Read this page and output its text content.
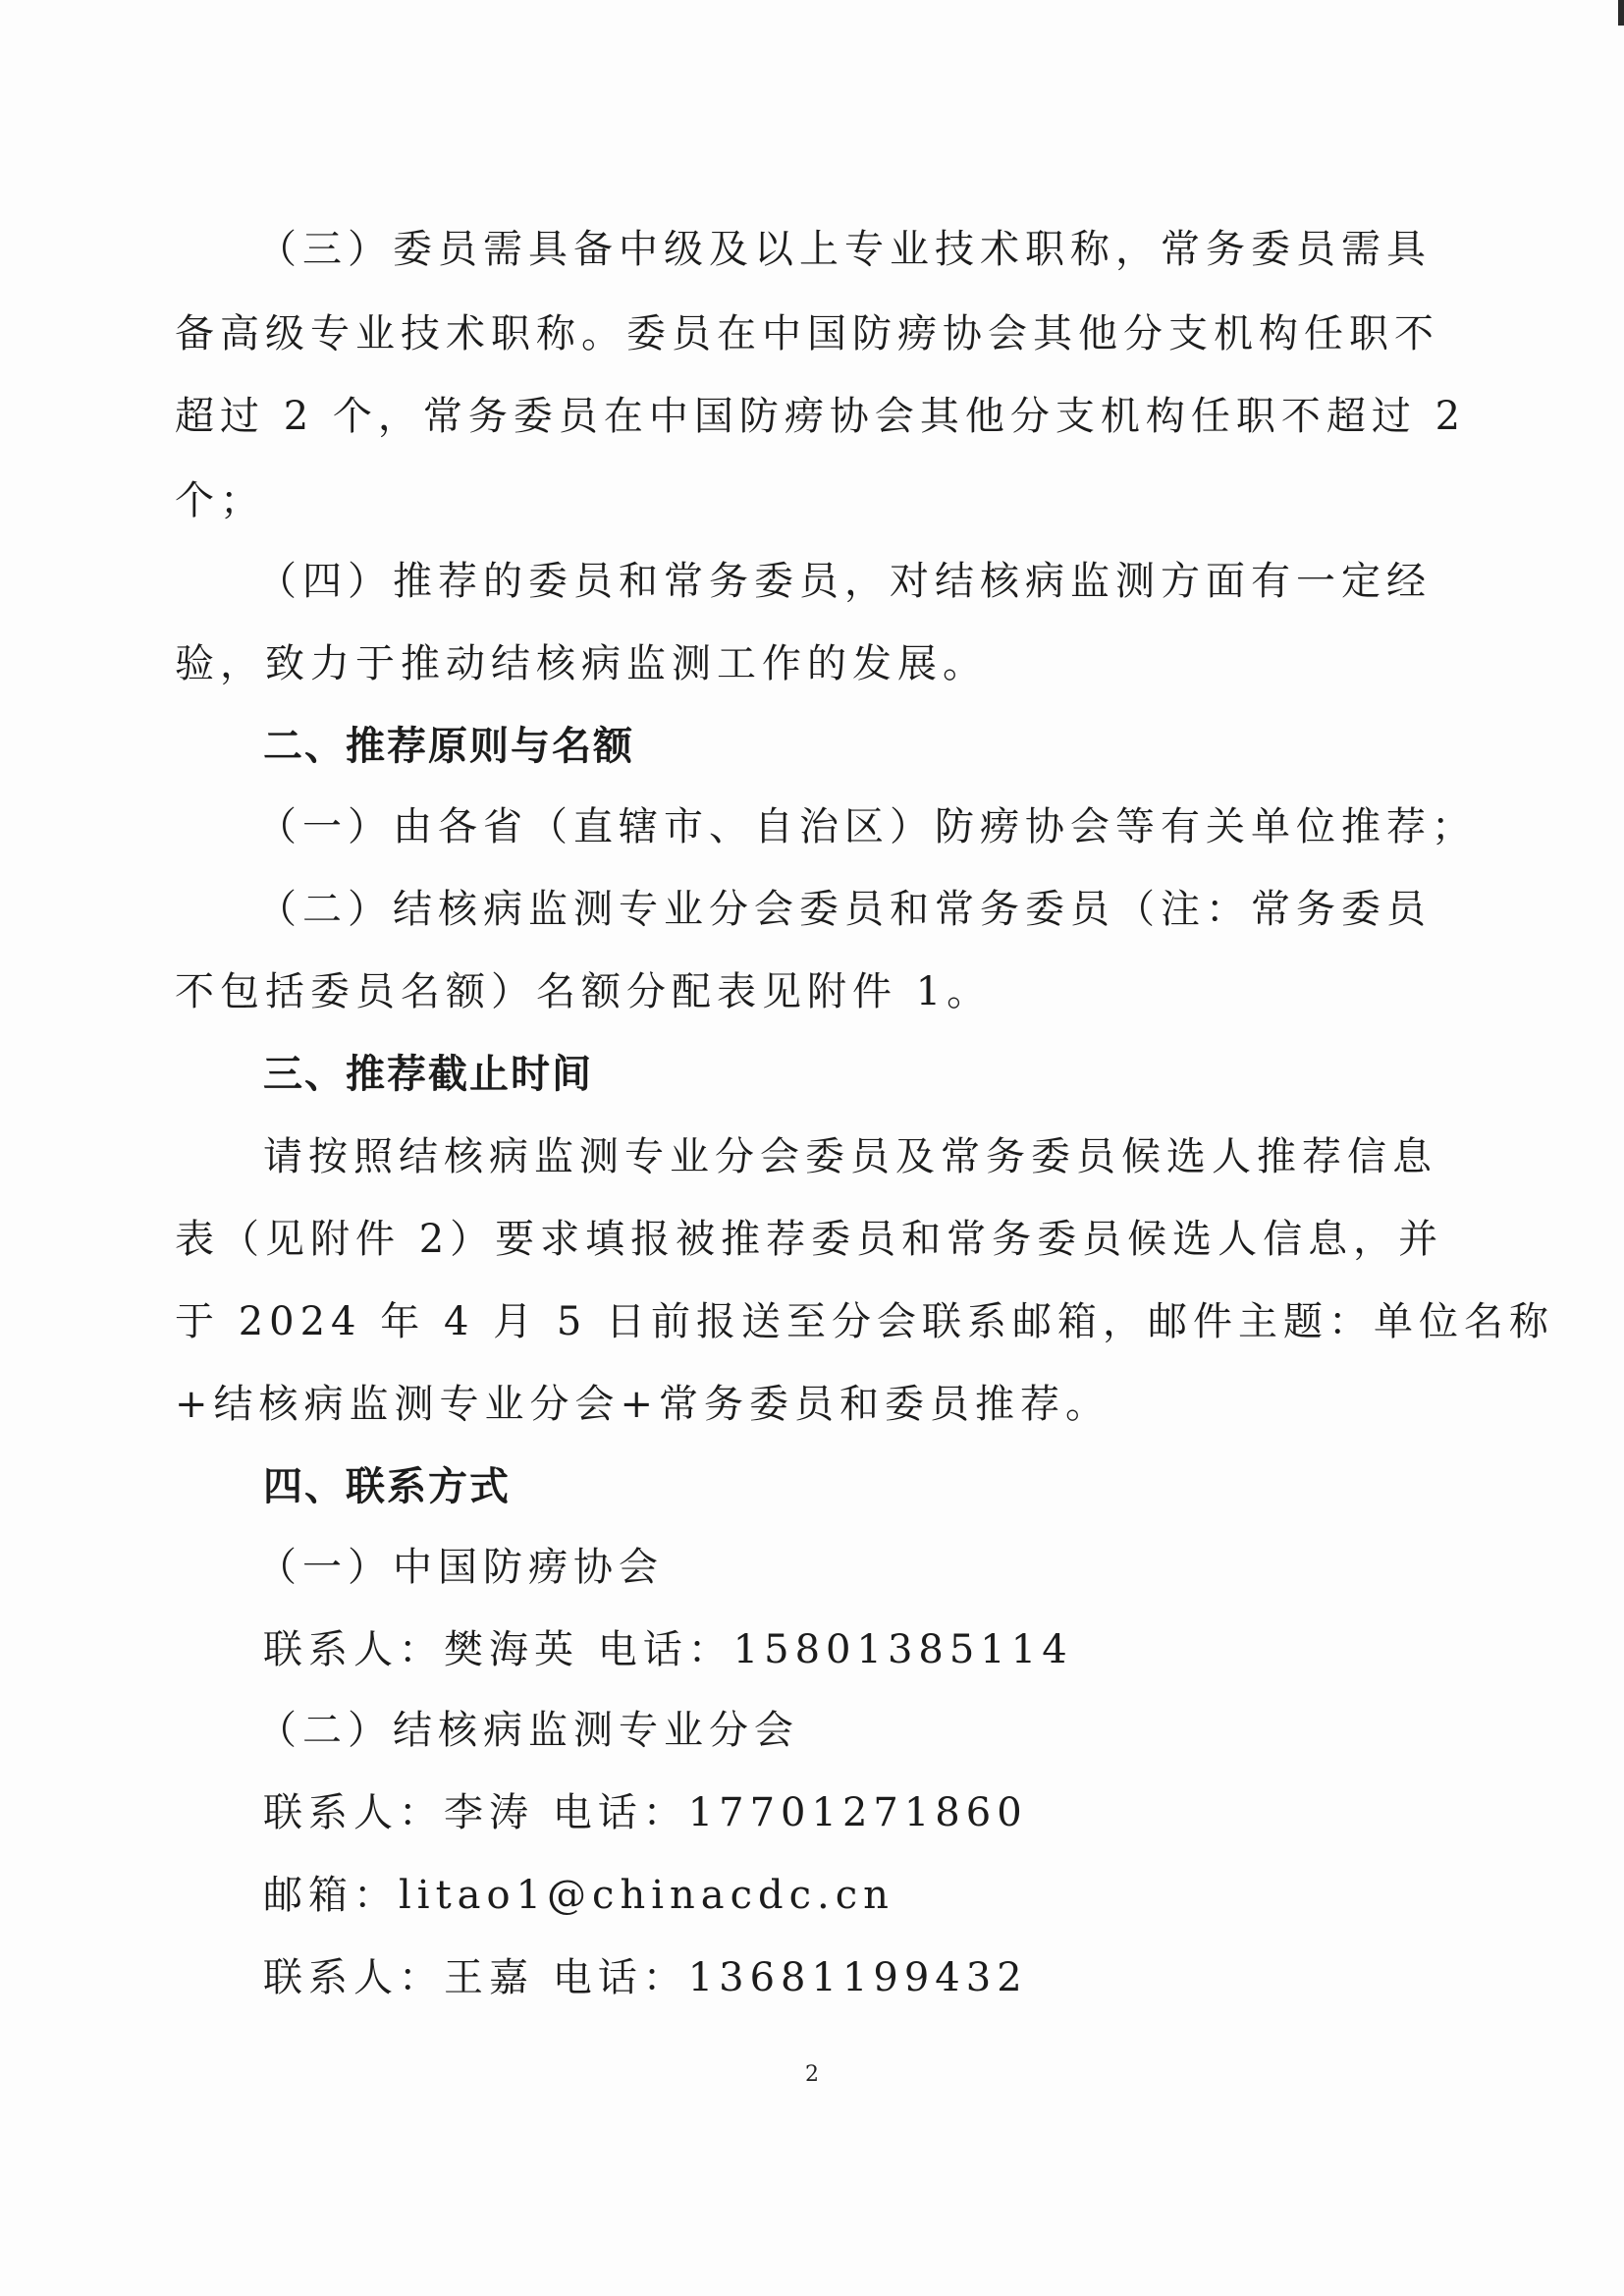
（三）委员需具备中级及以上专业技术职称，常务委员需具
备高级专业技术职称。委员在中国防痨协会其他分支机构任职不
超过 2 个，常务委员在中国防痨协会其他分支机构任职不超过 2
个；
（四）推荐的委员和常务委员，对结核病监测方面有一定经
验，致力于推动结核病监测工作的发展。
二、推荐原则与名额
（一）由各省（直辖市、自治区）防痨协会等有关单位推荐；
（二）结核病监测专业分会委员和常务委员（注：常务委员
不包括委员名额）名额分配表见附件 1。
三、推荐截止时间
请按照结核病监测专业分会委员及常务委员候选人推荐信息
表（见附件 2）要求填报被推荐委员和常务委员候选人信息，并
于 2024 年 4 月 5 日前报送至分会联系邮箱，邮件主题：单位名称
+结核病监测专业分会+常务委员和委员推荐。
四、联系方式
（一）中国防痨协会
联系人：樊海英 电话：15801385114
（二）结核病监测专业分会
联系人：李涛 电话：17701271860
邮箱：litao1@chinacdc.cn
联系人：王嘉 电话：13681199432
2
